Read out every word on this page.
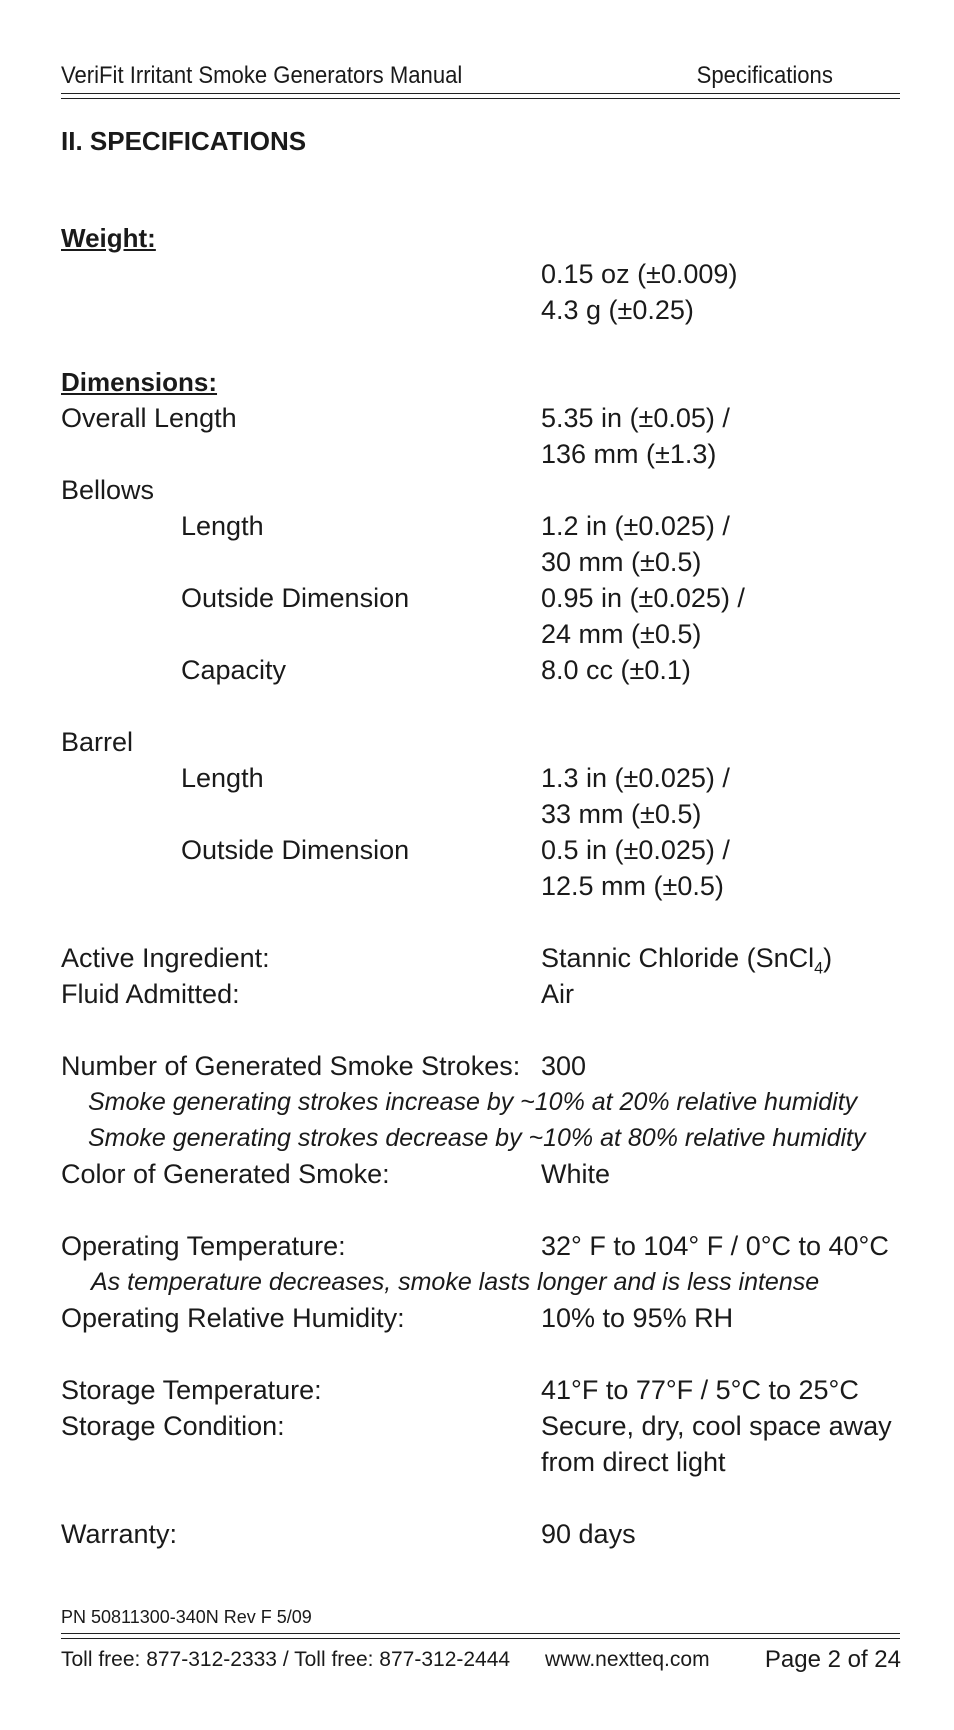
VeriFit Irritant Smoke Generators Manual	Specifications
II. SPECIFICATIONS
Weight:
0.15 oz (±0.009)
4.3 g (±0.25)
Dimensions:
Overall Length	5.35 in (±0.05) /
136 mm (±1.3)
Bellows
Length	1.2 in (±0.025) /
30 mm (±0.5)
Outside Dimension	0.95 in (±0.025) /
24 mm (±0.5)
Capacity	8.0 cc (±0.1)
Barrel
Length	1.3 in (±0.025) /
33 mm (±0.5)
Outside Dimension	0.5 in (±0.025) /
12.5 mm (±0.5)
Active Ingredient:	Stannic Chloride (SnCl$_4$)
Fluid Admitted:	Air
Number of Generated Smoke Strokes: 300
Smoke generating strokes increase by ~10% at 20% relative humidity
Smoke generating strokes decrease by ~10% at 80% relative humidity
Color of Generated Smoke:	White
Operating Temperature:	32° F to 104° F / 0°C to 40°C
As temperature decreases, smoke lasts longer and is less intense
Operating Relative Humidity:	10% to 95% RH
Storage Temperature:	41°F to 77°F / 5°C to 25°C
Storage Condition:	Secure, dry, cool space away
from direct light
Warranty:	90 days
PN 50811300-340N Rev F 5/09
Toll free: 877-312-2333 / Toll free: 877-312-2444 www.nextteq.com Page 2 of 24
